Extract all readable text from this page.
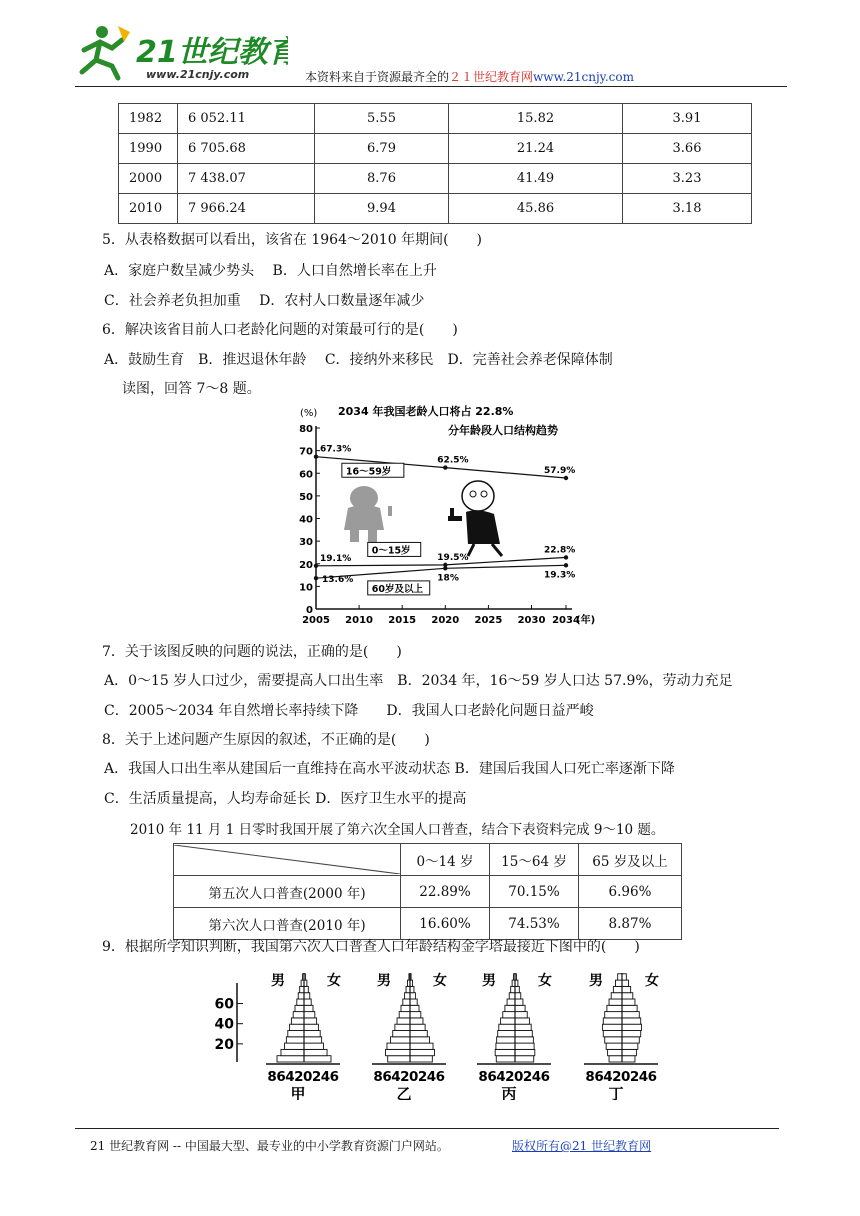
21世纪教育
www.21cnjy.com	本资料来自于资源最齐全的２１世纪教育网www.21cnjy.com
1982	6 052.11	5.55	15.82	3.91
1990	6 705.68	6.79	21.24	3.66
2000	7 438.07	8.76	41.49	3.23
2010	7 966.24	9.94	45.86	3.18
5．从表格数据可以看出，该省在 1964～2010 年期间(　　)
A．家庭户数呈减少势头　 B．人口自然增长率在上升
C．社会养老负担加重　 D．农村人口数量逐年减少
6．解决该省目前人口老龄化问题的对策最可行的是(　　)
A．鼓励生育　B．推迟退休年龄　 C．接纳外来移民　D．完善社会养老保障体制
读图，回答 7～8 题。
2034 年我国老龄人口将占 22.8%
分年龄段人口结构趋势
(%)
0
10
20
30
40
50
60
70
80
2005 2010 2015 2020 2025 2030 2034
(年)
67.3%
62.5%
57.9%
16～59岁
19.1%	19.5%
22.8%
0～15岁
13.6%	18%	19.3%
60岁及以上
7．关于该图反映的问题的说法，正确的是(　　)
A．0～15 岁人口过少，需要提高人口出生率　B．2034 年，16～59 岁人口达 57.9%，劳动力充足
C．2005～2034 年自然增长率持续下降　　D．我国人口老龄化问题日益严峻
8．关于上述问题产生原因的叙述，不正确的是(　　)
A．我国人口出生率从建国后一直维持在高水平波动状态 B．建国后我国人口死亡率逐渐下降
C．生活质量提高，人均寿命延长 D．医疗卫生水平的提高
2010 年 11 月 1 日零时我国开展了第六次全国人口普查，结合下表资料完成 9～10 题。
	0～14 岁	15～64 岁	65 岁及以上
第五次人口普查(2000 年)	22.89%	70.15%	6.96%
第六次人口普查(2010 年)	16.60%	74.53%	8.87%
9．根据所学知识判断，我国第六次人口普查人口年龄结构金字塔最接近下图中的(　　)
20
40
60
男	女
86420246
甲
男	女
86420246
乙
男	女
86420246
丙
男	女
86420246
丁
21 世纪教育网 -- 中国最大型、最专业的中小学教育资源门户网站。	版权所有@21 世纪教育网
